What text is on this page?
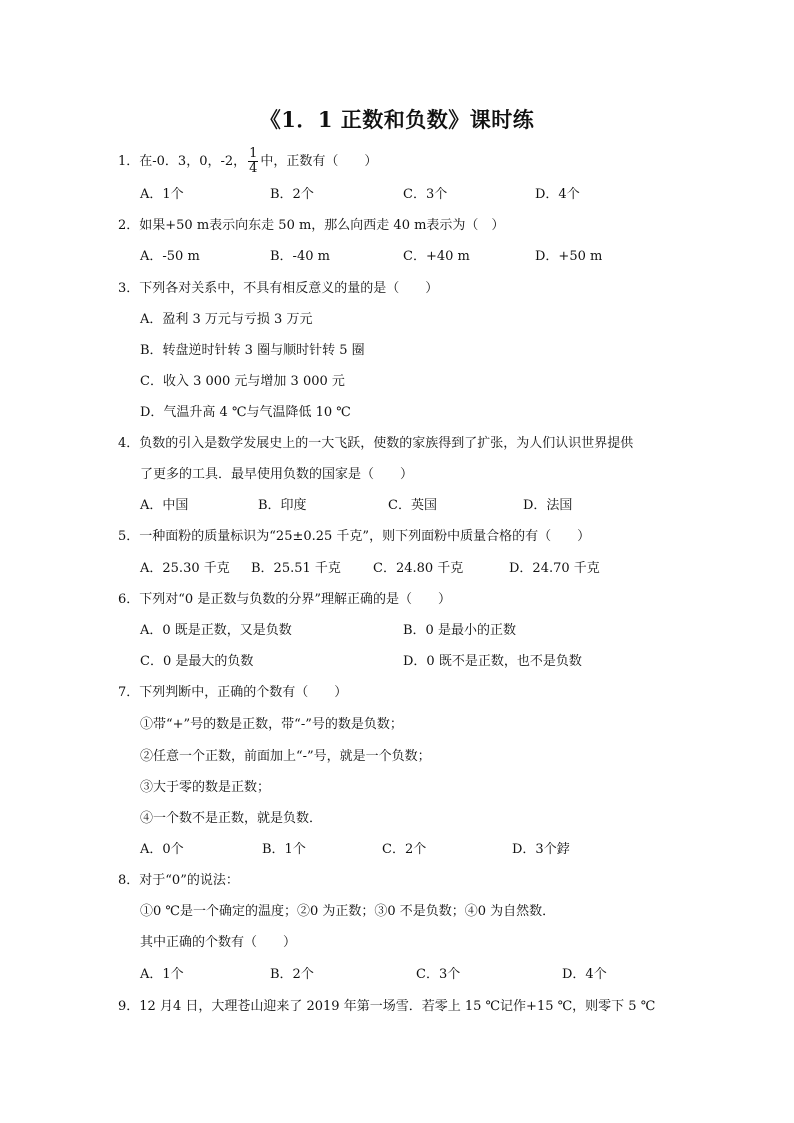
《1．1 正数和负数》课时练
1．在-0．3，0，-2， $\frac{1}{4}$ 中，正数有（　　）
A．1个	B．2个	C．3个	D．4个
2．如果+50 m表示向东走 50 m，那么向西走 40 m表示为（　）
A．-50 m	B．-40 m	C．+40 m	D．+50 m
3．下列各对关系中，不具有相反意义的量的是（　　）
A．盈利 3 万元与亏损 3 万元
B．转盘逆时针转 3 圈与顺时针转 5 圈
C．收入 3 000 元与增加 3 000 元
D．气温升高 4 ℃与气温降低 10 ℃
4．负数的引入是数学发展史上的一大飞跃，使数的家族得到了扩张，为人们认识世界提供
了更多的工具．最早使用负数的国家是（　　）
A．中国	B．印度	C．英国	D．法国
5．一种面粉的质量标识为“25±0.25 千克”，则下列面粉中质量合格的有（　　）
A．25.30 千克 B．25.51 千克 C．24.80 千克	D．24.70 千克
6．下列对“0 是正数与负数的分界”理解正确的是（　　）
A．0 既是正数，又是负数	B．0 是最小的正数
C．0 是最大的负数	D．0 既不是正数，也不是负数
7．下列判断中，正确的个数有（　　）
①带“+”号的数是正数，带“-”号的数是负数；
②任意一个正数，前面加上“-”号，就是一个负数；
③大于零的数是正数；
④一个数不是正数，就是负数．
A．0个	B．1个	C．2个	D．3个鋍
8．对于“0”的说法：
①0 ℃是一个确定的温度；②0 为正数；③0 不是负数；④0 为自然数．
其中正确的个数有（　　）
A．1个	B．2个	C．3个	D．4个
9．12 月4 日，大理苍山迎来了 2019 年第一场雪．若零上 15 ℃记作+15 ℃，则零下 5 ℃
